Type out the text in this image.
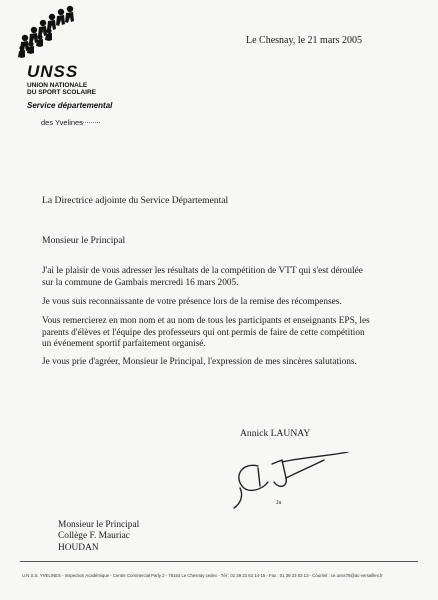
UNSS
UNION NATIONALE
DU SPORT SCOLAIRE
Service départemental
des Yvelines
Le Chesnay, le 21 mars 2005
La Directrice adjointe du Service Départemental
Monsieur le Principal
J'ai le plaisir de vous adresser les résultats de la compétition de VTT qui s'est déroulée sur la commune de Gambais mercredi 16 mars 2005.
Je vous suis reconnaissante de votre présence lors de la remise des récompenses.
Vous remercierez en mon nom et au nom de tous les participants et enseignants EPS, les parents d'élèves et l'équipe des professeurs qui ont permis de faire de cette compétition un événement sportif parfaitement organisé.
Je vous prie d'agréer, Monsieur le Principal, l'expression de mes sincères salutations.
Annick LAUNAY
Ja
Monsieur le Principal
Collège F. Mauriac
HOUDAN
U.N.S.S. YVELINES - Inspection Académique - Centre Commercial Parly 2 - 78154 Le Chesnay cedex - Tél : 01 39 23 63 14-15 - Fax : 01 39 23 63 13 - Courriel : ce.unss78@ac-versailles.fr
